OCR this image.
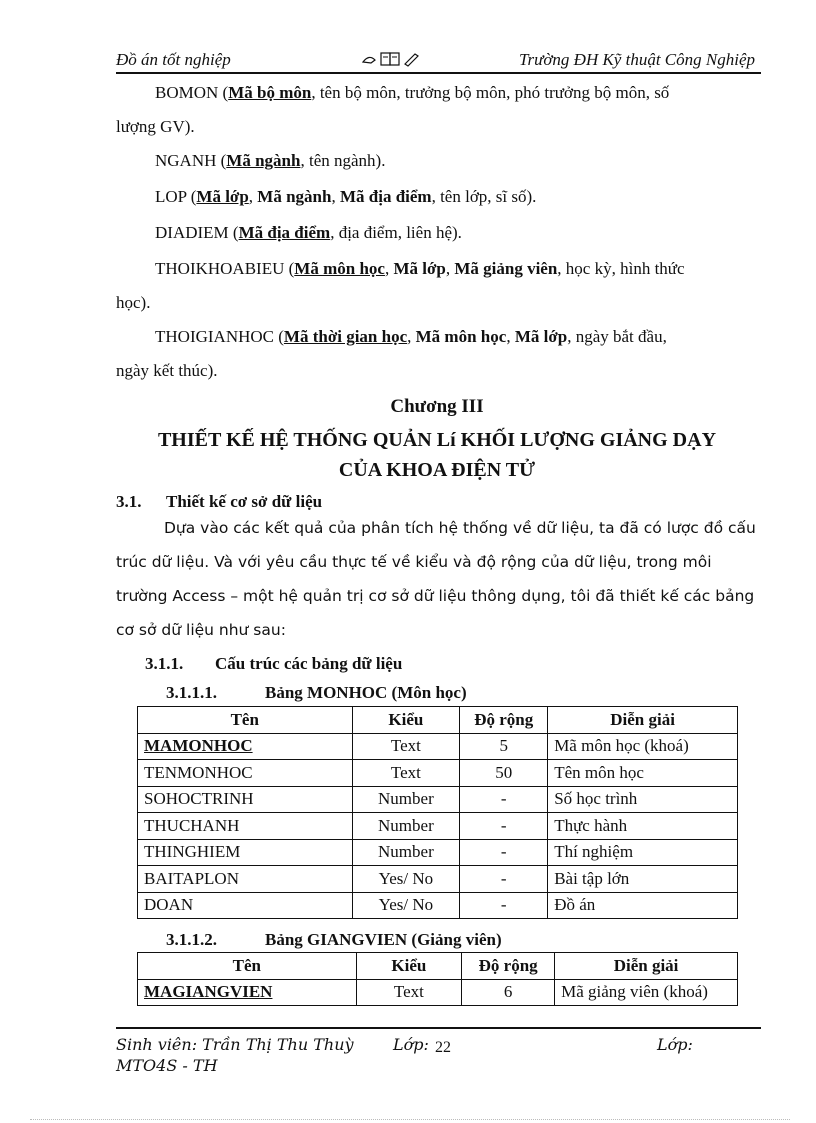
Đồ án tốt nghiệp	Trường ĐH Kỹ thuật Công Nghiệp

BOMON (Mã bộ môn, tên bộ môn, trưởng bộ môn, phó trưởng bộ môn, số
lượng GV).

NGANH (Mã ngành, tên ngành).

LOP (Mã lớp, Mã ngành, Mã địa điểm, tên lớp, sĩ số).

DIADIEM (Mã địa điểm, địa điểm, liên hệ).

THOIKHOABIEU (Mã môn học, Mã lớp, Mã giảng viên, học kỳ, hình thức
học).

THOIGIANHOC (Mã thời gian học, Mã môn học, Mã lớp, ngày bắt đầu,
ngày kết thúc).

Chương III
THIẾT KẾ HỆ THỐNG QUẢN Lí KHỐI LƯỢNG GIẢNG DẠY
CỦA KHOA ĐIỆN TỬ
3.1. Thiết kế cơ sở dữ liệu
Dựa vào các kết quả của phân tích hệ thống về dữ liệu, ta đã có lược đồ cấu
trúc dữ liệu. Và với yêu cầu thực tế về kiểu và độ rộng của dữ liệu, trong môi
trường Access – một hệ quản trị cơ sở dữ liệu thông dụng, tôi đã thiết kế các bảng
cơ sở dữ liệu như sau:
3.1.1. Cấu trúc các bảng dữ liệu
3.1.1.1.	Bảng MONHOC (Môn học)
Tên	Kiểu	Độ rộng	Diễn giải
MAMONHOC	Text	5	Mã môn học (khoá)
TENMONHOC	Text	50	Tên môn học
SOHOCTRINH	Number	-	Số học trình
THUCHANH	Number	-	Thực hành
THINGHIEM	Number	-	Thí nghiệm
BAITAPLON	Yes/ No	-	Bài tập lớn
DOAN	Yes/ No	-	Đồ án
3.1.1.2.	Bảng GIANGVIEN (Giảng viên)
Tên	Kiểu	Độ rộng	Diễn giải
MAGIANGVIEN	Text	6	Mã giảng viên (khoá)
Sinh viên: Trần Thị Thu Thuỳ Lớp: 22	Lớp:
MTO4S - TH
